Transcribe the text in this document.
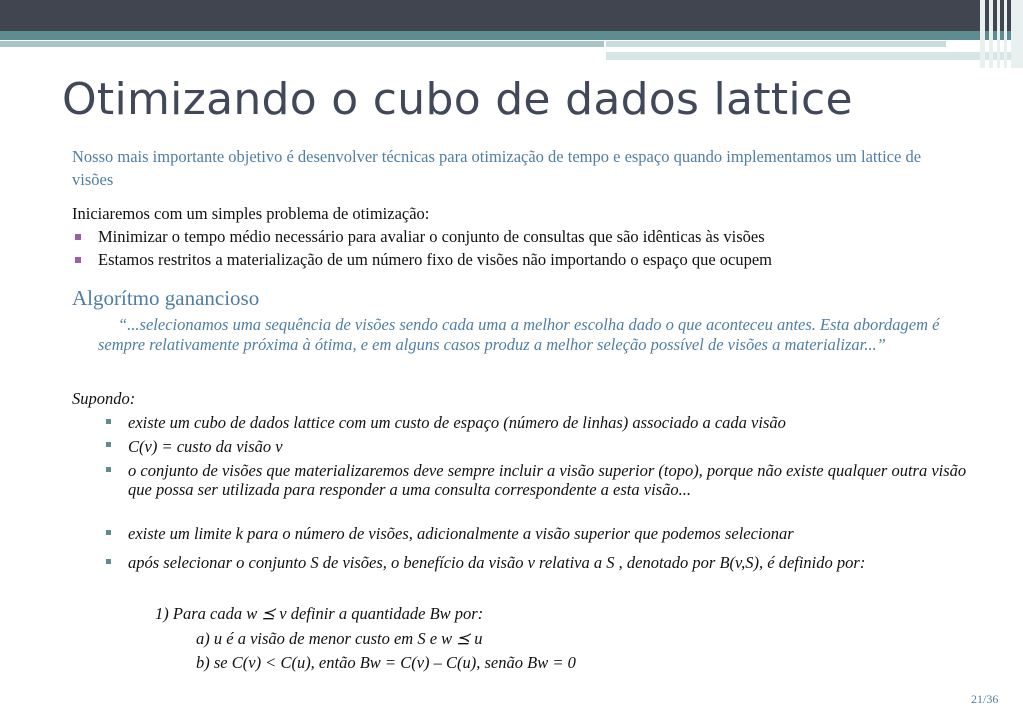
Otimizando o cubo de dados lattice
Nosso mais importante objetivo é desenvolver técnicas para otimização de tempo e espaço quando implementamos um lattice de visões
Iniciaremos com um simples problema de otimização:
Minimizar o tempo médio necessário para avaliar o conjunto de consultas que são idênticas às visões
Estamos restritos a materialização de um número fixo de visões não importando o espaço que ocupem
Algorítmo ganancioso
“...selecionamos uma sequência de visões sendo cada uma a melhor escolha dado o que aconteceu antes. Esta abordagem é sempre relativamente próxima à ótima, e em alguns casos produz a melhor seleção possível de visões a materializar...”
Supondo:
existe um cubo de dados lattice com um custo de espaço (número de linhas) associado a cada visão
C(v) = custo da visão v
o conjunto de visões que materializaremos deve sempre incluir a visão superior (topo), porque não existe qualquer outra visão que possa ser utilizada para responder a uma consulta correspondente a esta visão...
existe um limite k para o número de visões, adicionalmente a visão superior que podemos selecionar
após selecionar o conjunto S de visões, o benefício da visão v relativa a S , denotado por B(v,S), é definido por:
1) Para cada w ⪯ v definir a quantidade Bw por:
a) u é a visão de menor custo em S e w ⪯ u
b) se C(v) < C(u), então Bw = C(v) – C(u), senão Bw = 0
21/36
